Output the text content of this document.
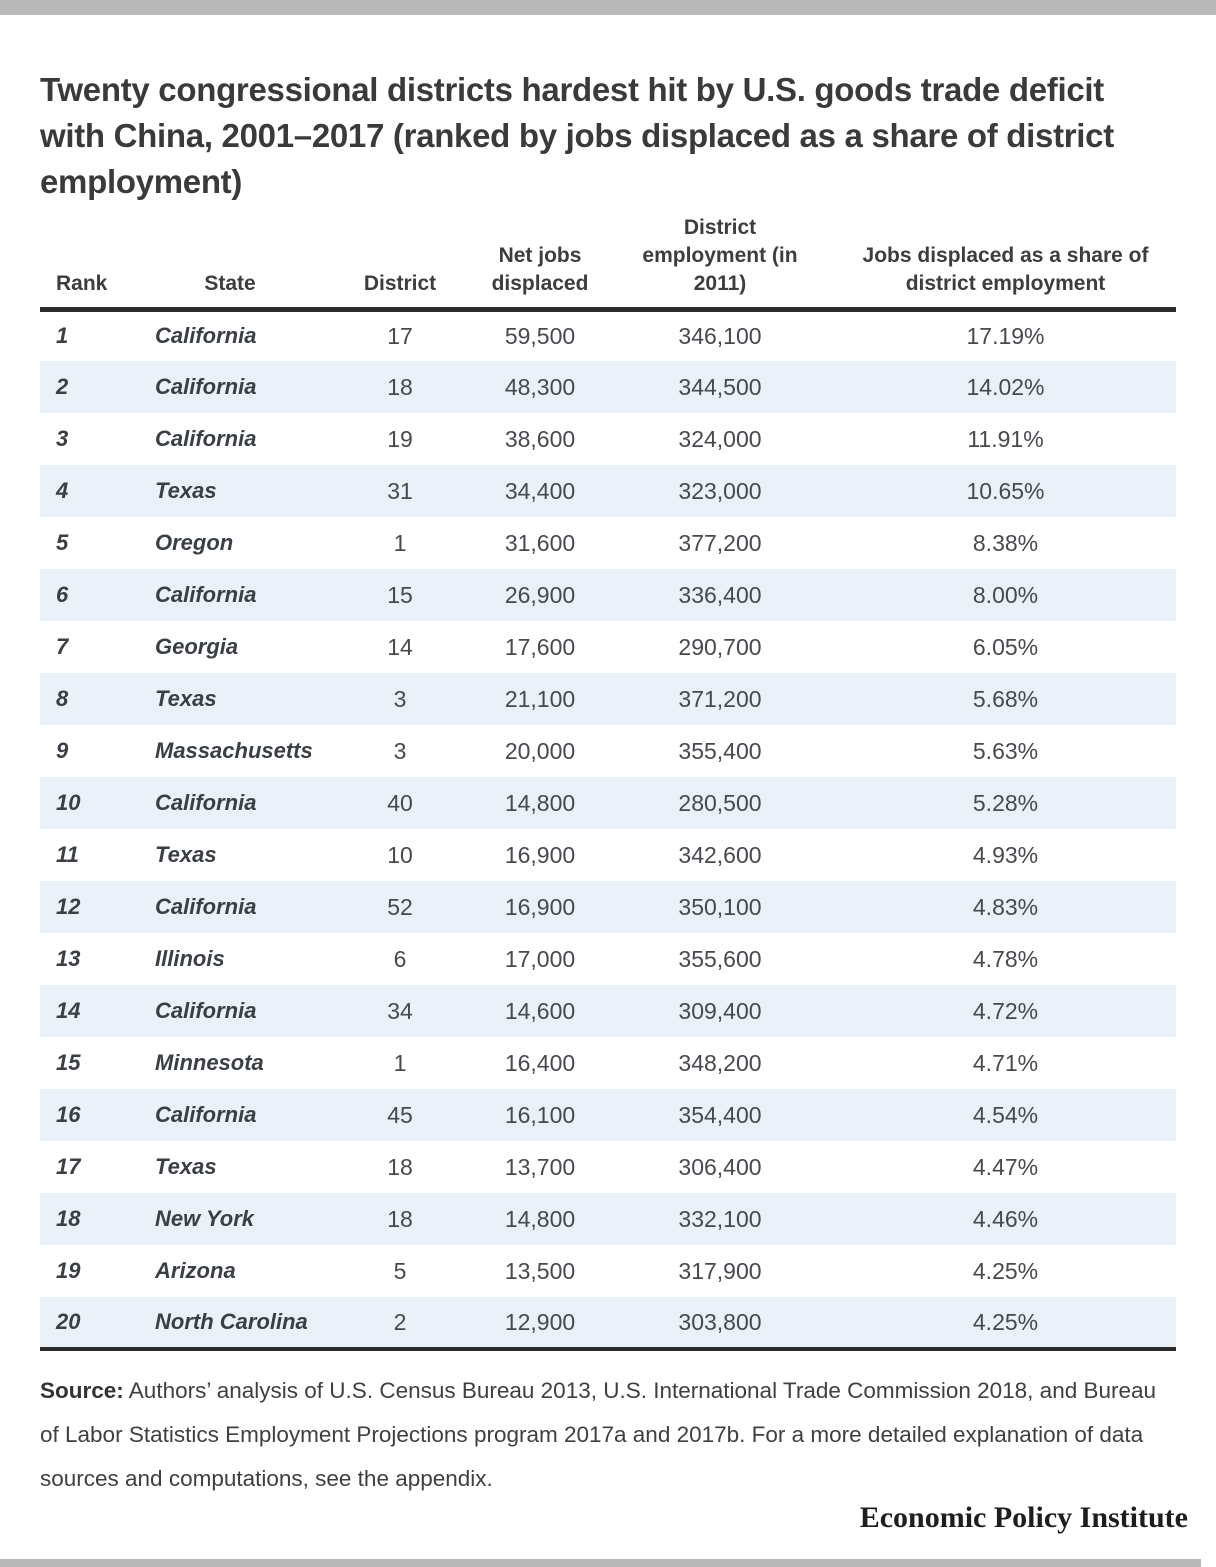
Twenty congressional districts hardest hit by U.S. goods trade deficit with China, 2001–2017 (ranked by jobs displaced as a share of district employment)
Rank	State	District	Net jobs displaced	District employment (in 2011)	Jobs displaced as a share of district employment
1	California	17	59,500	346,100	17.19%
2	California	18	48,300	344,500	14.02%
3	California	19	38,600	324,000	11.91%
4	Texas	31	34,400	323,000	10.65%
5	Oregon	1	31,600	377,200	8.38%
6	California	15	26,900	336,400	8.00%
7	Georgia	14	17,600	290,700	6.05%
8	Texas	3	21,100	371,200	5.68%
9	Massachusetts	3	20,000	355,400	5.63%
10	California	40	14,800	280,500	5.28%
11	Texas	10	16,900	342,600	4.93%
12	California	52	16,900	350,100	4.83%
13	Illinois	6	17,000	355,600	4.78%
14	California	34	14,600	309,400	4.72%
15	Minnesota	1	16,400	348,200	4.71%
16	California	45	16,100	354,400	4.54%
17	Texas	18	13,700	306,400	4.47%
18	New York	18	14,800	332,100	4.46%
19	Arizona	5	13,500	317,900	4.25%
20	North Carolina	2	12,900	303,800	4.25%

Source: Authors’ analysis of U.S. Census Bureau 2013, U.S. International Trade Commission 2018, and Bureau of Labor Statistics Employment Projections program 2017a and 2017b. For a more detailed explanation of data sources and computations, see the appendix.

Economic Policy Institute
